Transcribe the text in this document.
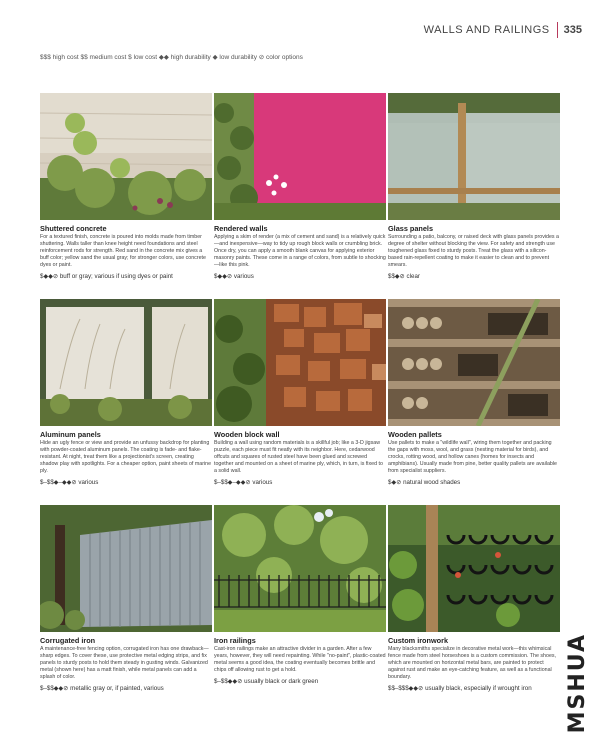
WALLS AND RAILINGS 335
$$$ high cost $$ medium cost $ low cost ◆◆ high durability ◆ low durability ⊘ color options
Shuttered concrete
For a textured finish, concrete is poured into molds made from timber shuttering. Walls taller than knee height need foundations and steel reinforcement rods for strength. Red sand in the concrete mix gives a buff color; yellow sand the usual gray; for stronger colors, use concrete dyes or paint.
$◆◆⊘ buff or gray; various if using dyes or paint
Rendered walls
Applying a skim of render (a mix of cement and sand) is a relatively quick—and inexpensive—way to tidy up rough block walls or crumbling brick. Once dry, you can apply a smooth blank canvas for applying exterior masonry paints. These come in a range of colors, from subtle to shocking—like this pink.
$◆◆⊘ various
Glass panels
Surrounding a patio, balcony, or raised deck with glass panels provides a degree of shelter without blocking the view. For safety and strength use toughened glass fixed to sturdy posts. Treat the glass with a silicon-based rain-repellent coating to make it easier to clean and to prevent smears.
$$◆⊘ clear
Aluminum panels
Hide an ugly fence or view and provide an unfussy backdrop for planting with powder-coated aluminum panels. The coating is fade- and flake-resistant. At night, treat them like a projectionist's screen, creating shadow play with spotlights. For a cheaper option, paint sheets of marine ply.
$–$$◆–◆◆⊘ various
Wooden block wall
Building a wall using random materials is a skillful job; like a 3-D jigsaw puzzle, each piece must fit neatly with its neighbor. Here, cedarwood offcuts and squares of rusted steel have been glued and screwed together and mounted on a sheet of marine ply, which, in turn, is fixed to a solid wall.
$–$$◆–◆◆⊘ various
Wooden pallets
Use pallets to make a "wildlife wall", wiring them together and packing the gaps with moss, wool, and grass (nesting material for birds), and crocks, rotting wood, and hollow canes (homes for insects and amphibians). Usually made from pine, better quality pallets are available from specialist suppliers.
$◆⊘ natural wood shades
Corrugated iron
A maintenance-free fencing option, corrugated iron has one drawback—sharp edges. To cover these, use protective metal edging strips, and fix panels to sturdy posts to hold them steady in gusting winds. Galvanized metal (shown here) has a matt finish, while metal panels can add a splash of color.
$–$$◆◆⊘ metallic gray or, if painted, various
Iron railings
Cast-iron railings make an attractive divider in a garden. After a few years, however, they will need repainting. While "no-paint", plastic-coated metal seems a good idea, the coating eventually becomes brittle and chips off allowing rust to get a hold.
$–$$◆◆⊘ usually black or dark green
Custom ironwork
Many blacksmiths specialize in decorative metal work—this whimsical fence made from steel horseshoes is a custom commission. The shoes, which are mounted on horizontal metal bars, are painted to protect against rust and make an eye-catching feature, as well as a functional boundary.
$$–$$$◆◆⊘ usually black, especially if wrought iron	MSHUA
